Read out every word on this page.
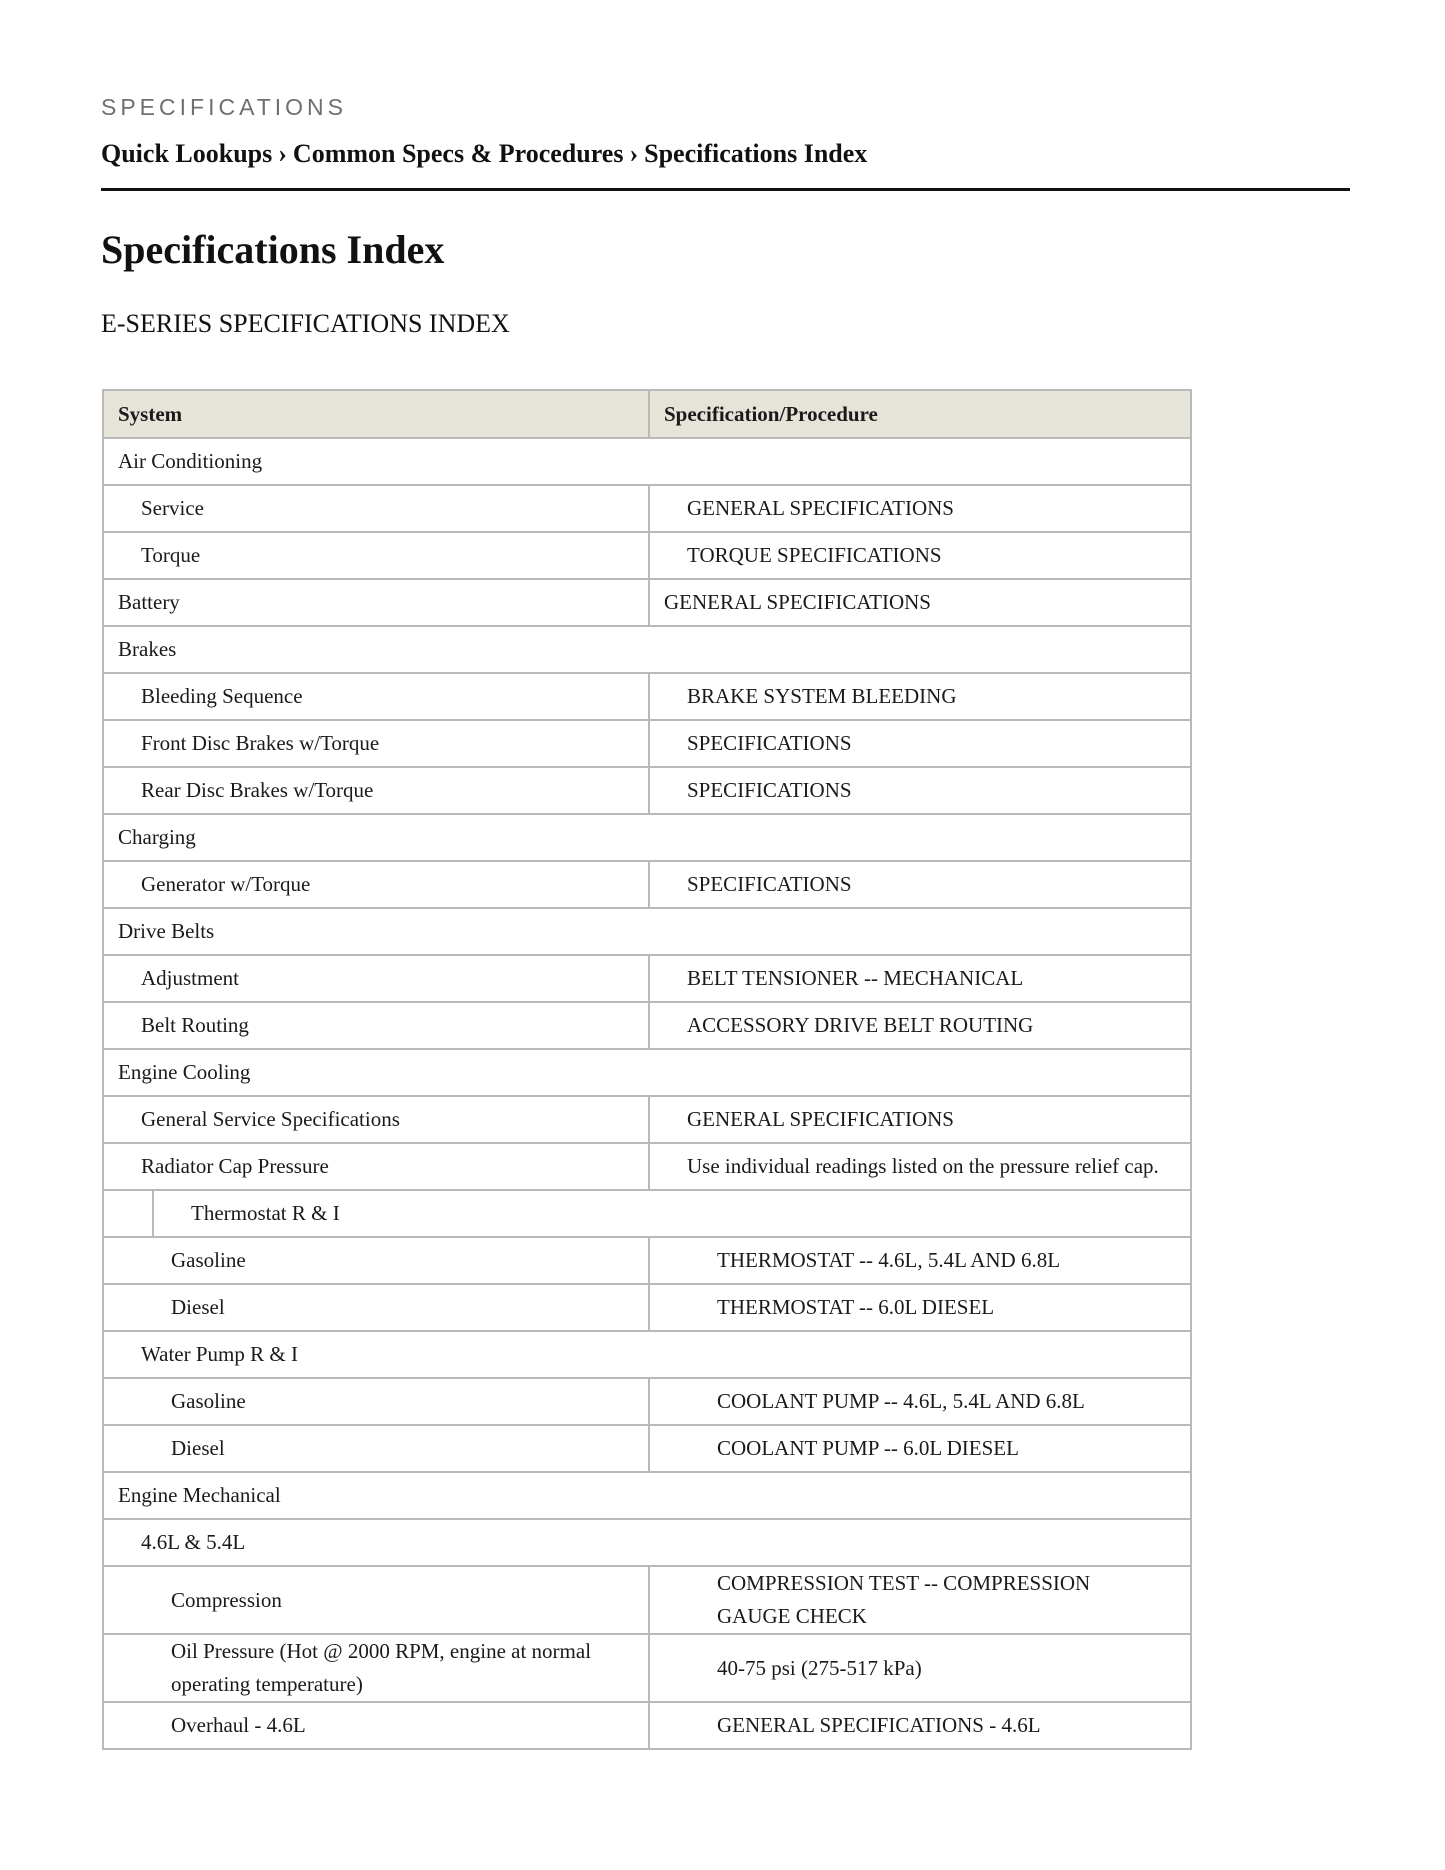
SPECIFICATIONS
Quick Lookups › Common Specs & Procedures › Specifications Index
Specifications Index
E-SERIES SPECIFICATIONS INDEX
System	Specification/Procedure
Air Conditioning	
Service	GENERAL SPECIFICATIONS
Torque	TORQUE SPECIFICATIONS
Battery	GENERAL SPECIFICATIONS
Brakes	
Bleeding Sequence	BRAKE SYSTEM BLEEDING
Front Disc Brakes w/Torque	SPECIFICATIONS
Rear Disc Brakes w/Torque	SPECIFICATIONS
Charging	
Generator w/Torque	SPECIFICATIONS
Drive Belts	
Adjustment	BELT TENSIONER -- MECHANICAL
Belt Routing	ACCESSORY DRIVE BELT ROUTING
Engine Cooling	
General Service Specifications	GENERAL SPECIFICATIONS
Radiator Cap Pressure	Use individual readings listed on the pressure relief cap.

Thermostat R & I	

Gasoline	THERMOSTAT -- 4.6L, 5.4L AND 6.8L
Diesel	THERMOSTAT -- 6.0L DIESEL
Water Pump R & I	
Gasoline	COOLANT PUMP -- 4.6L, 5.4L AND 6.8L
Diesel	COOLANT PUMP -- 6.0L DIESEL
Engine Mechanical	
4.6L & 5.4L	
Compression	COMPRESSION TEST -- COMPRESSION GAUGE CHECK
Oil Pressure (Hot @ 2000 RPM, engine at normal operating temperature)	40-75 psi (275-517 kPa)
Overhaul - 4.6L	GENERAL SPECIFICATIONS - 4.6L
